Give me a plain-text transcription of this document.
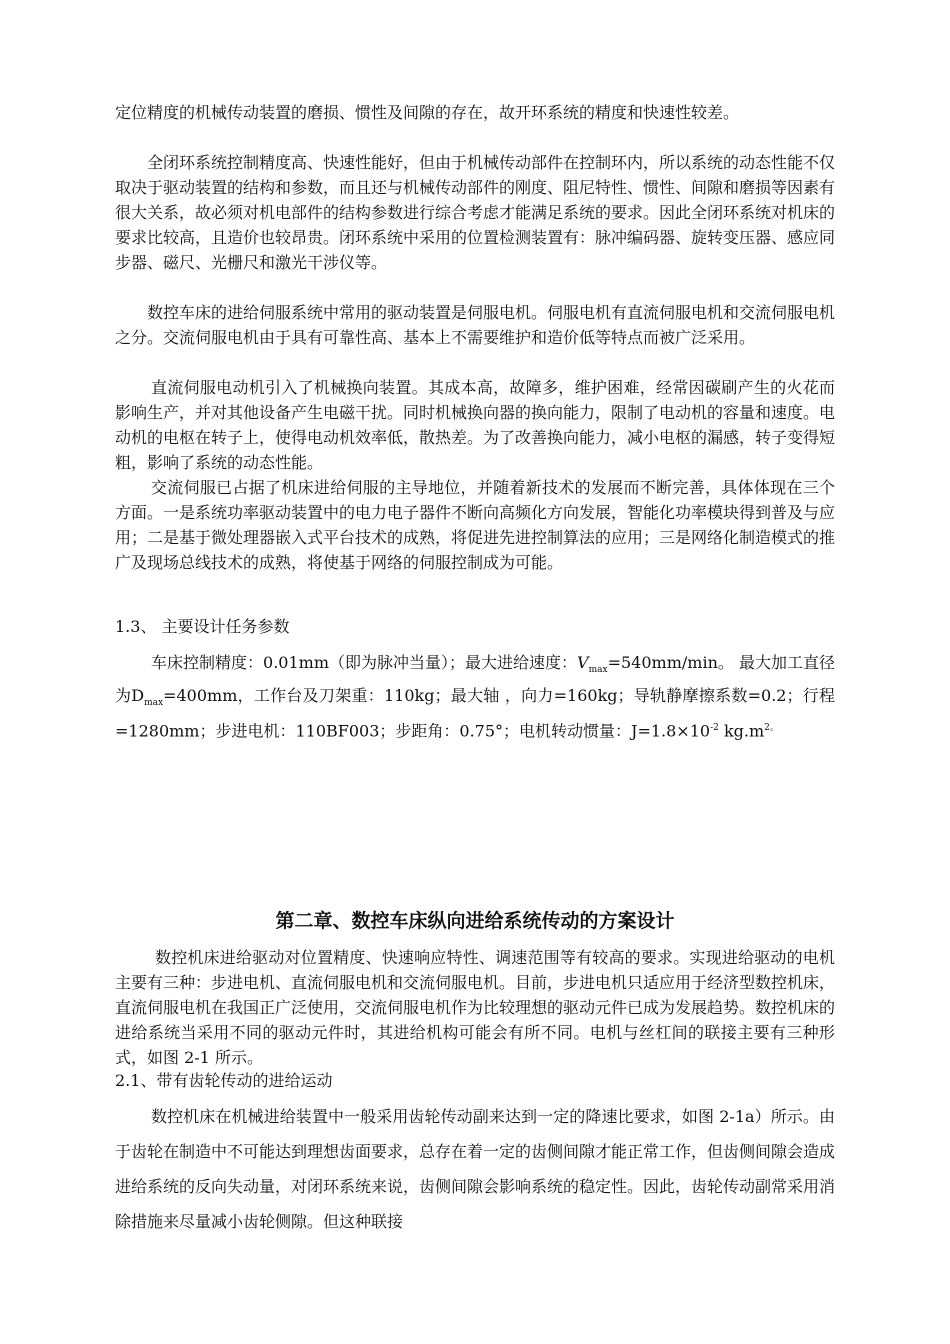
定位精度的机械传动装置的磨损、惯性及间隙的存在，故开环系统的精度和快速性较差。

全闭环系统控制精度高、快速性能好，但由于机械传动部件在控制环内，所以系统的动态性能不仅取决于驱动装置的结构和参数，而且还与机械传动部件的刚度、阻尼特性、惯性、间隙和磨损等因素有很大关系，故必须对机电部件的结构参数进行综合考虑才能满足系统的要求。因此全闭环系统对机床的要求比较高，且造价也较昂贵。闭环系统中采用的位置检测装置有：脉冲编码器、旋转变压器、感应同步器、磁尺、光栅尺和激光干涉仪等。

数控车床的进给伺服系统中常用的驱动装置是伺服电机。伺服电机有直流伺服电机和交流伺服电机之分。交流伺服电机由于具有可靠性高、基本上不需要维护和造价低等特点而被广泛采用。

直流伺服电动机引入了机械换向装置。其成本高，故障多，维护困难，经常因碳刷产生的火花而影响生产，并对其他设备产生电磁干扰。同时机械换向器的换向能力，限制了电动机的容量和速度。电动机的电枢在转子上，使得电动机效率低，散热差。为了改善换向能力，减小电枢的漏感，转子变得短粗，影响了系统的动态性能。

交流伺服已占据了机床进给伺服的主导地位，并随着新技术的发展而不断完善，具体体现在三个方面。一是系统功率驱动装置中的电力电子器件不断向高频化方向发展，智能化功率模块得到普及与应用；二是基于微处理器嵌入式平台技术的成熟，将促进先进控制算法的应用；三是网络化制造模式的推广及现场总线技术的成熟，将使基于网络的伺服控制成为可能。

1.3、 主要设计任务参数

车床控制精度：0.01mm（即为脉冲当量）；最大进给速度：$V_{max}=540mm/\min$。 最大加工直径为$D_{max}=400mm$，工作台及刀架重：110kg；最大轴 ，向力=160kg；导轨静摩擦系数=0.2；行程=1280mm；步进电机：110BF003；步距角：0.75°；电机转动惯量：$J=1.8\times 10^{-2}$ $kg.m^{2。}$

第二章、数控车床纵向进给系统传动的方案设计

数控机床进给驱动对位置精度、快速响应特性、调速范围等有较高的要求。实现进给驱动的电机主要有三种：步进电机、直流伺服电机和交流伺服电机。目前，步进电机只适应用于经济型数控机床，直流伺服电机在我国正广泛使用，交流伺服电机作为比较理想的驱动元件已成为发展趋势。数控机床的进给系统当采用不同的驱动元件时，其进给机构可能会有所不同。电机与丝杠间的联接主要有三种形式，如图 2-1 所示。

2.1、带有齿轮传动的进给运动

数控机床在机械进给装置中一般采用齿轮传动副来达到一定的降速比要求，如图 2-1a）所示。由于齿轮在制造中不可能达到理想齿面要求，总存在着一定的齿侧间隙才能正常工作，但齿侧间隙会造成进给系统的反向失动量，对闭环系统来说，齿侧间隙会影响系统的稳定性。因此，齿轮传动副常采用消除措施来尽量减小齿轮侧隙。但这种联接
